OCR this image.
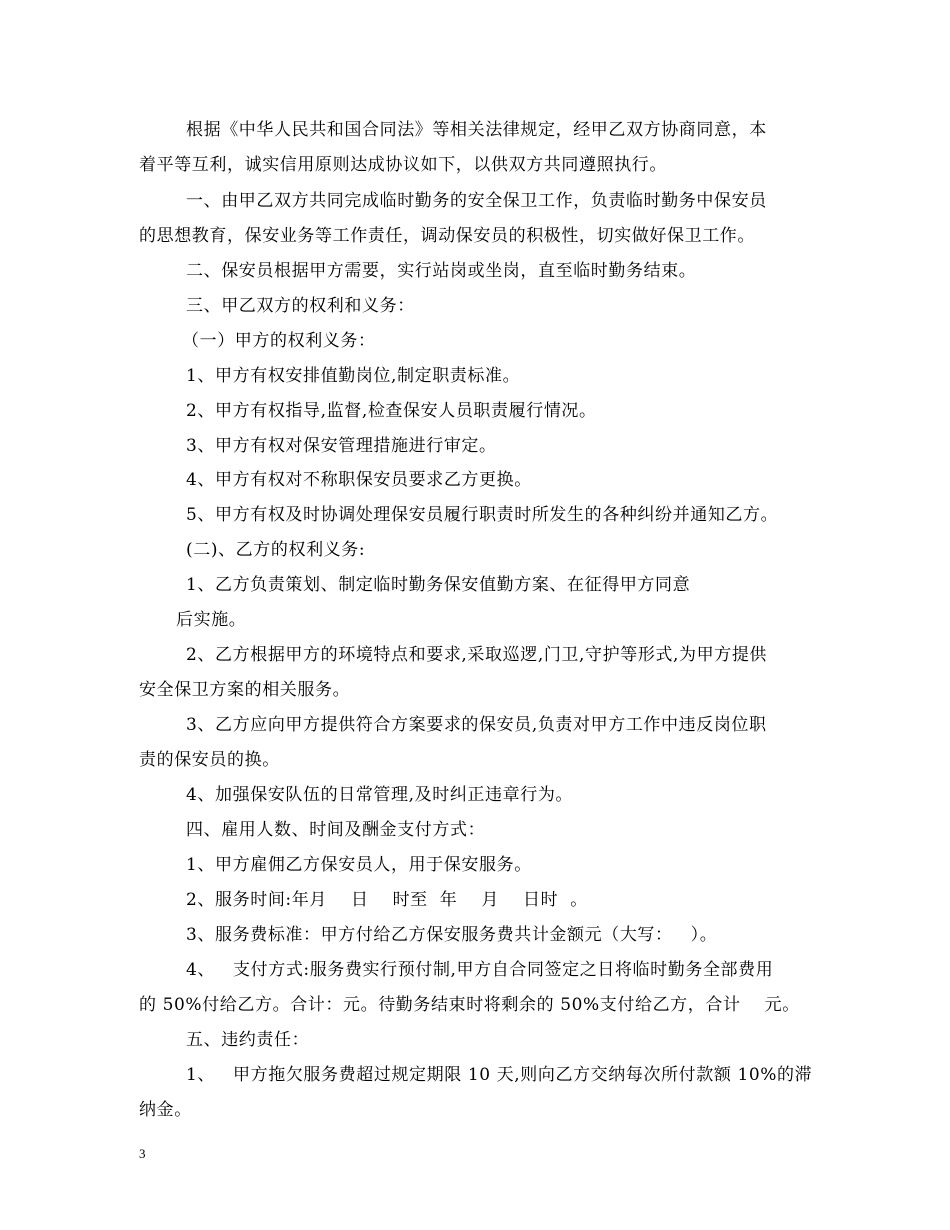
根据《中华人民共和国合同法》等相关法律规定，经甲乙双方协商同意，本
着平等互利，诚实信用原则达成协议如下，以供双方共同遵照执行。
一、由甲乙双方共同完成临时勤务的安全保卫工作，负责临时勤务中保安员
的思想教育，保安业务等工作责任，调动保安员的积极性，切实做好保卫工作。
二、保安员根据甲方需要，实行站岗或坐岗，直至临时勤务结束。
三、甲乙双方的权利和义务：
（一）甲方的权利义务：
1、甲方有权安排值勤岗位,制定职责标准。
2、甲方有权指导,监督,检查保安人员职责履行情况。
3、甲方有权对保安管理措施进行审定。
4、甲方有权对不称职保安员要求乙方更换。
5、甲方有权及时协调处理保安员履行职责时所发生的各种纠纷并通知乙方。
(二)、乙方的权利义务:
1、乙方负责策划、制定临时勤务保安值勤方案、在征得甲方同意
后实施。
2、乙方根据甲方的环境特点和要求,采取巡逻,门卫,守护等形式,为甲方提供
安全保卫方案的相关服务。
3、乙方应向甲方提供符合方案要求的保安员,负责对甲方工作中违反岗位职
责的保安员的换。
4、加强保安队伍的日常管理,及时纠正违章行为。
四、雇用人数、时间及酬金支付方式：
1、甲方雇佣乙方保安员人，用于保安服务。
2、服务时间:年月    日    时至  年    月    日时  。
3、服务费标准：甲方付给乙方保安服务费共计金额元（大写：   ）。
4、   支付方式:服务费实行预付制,甲方自合同签定之日将临时勤务全部费用
的 50%付给乙方。合计：元。待勤务结束时将剩余的 50%支付给乙方，合计    元。
五、违约责任：
1、   甲方拖欠服务费超过规定期限 10 天,则向乙方交纳每次所付款额 10%的滞
纳金。
3
